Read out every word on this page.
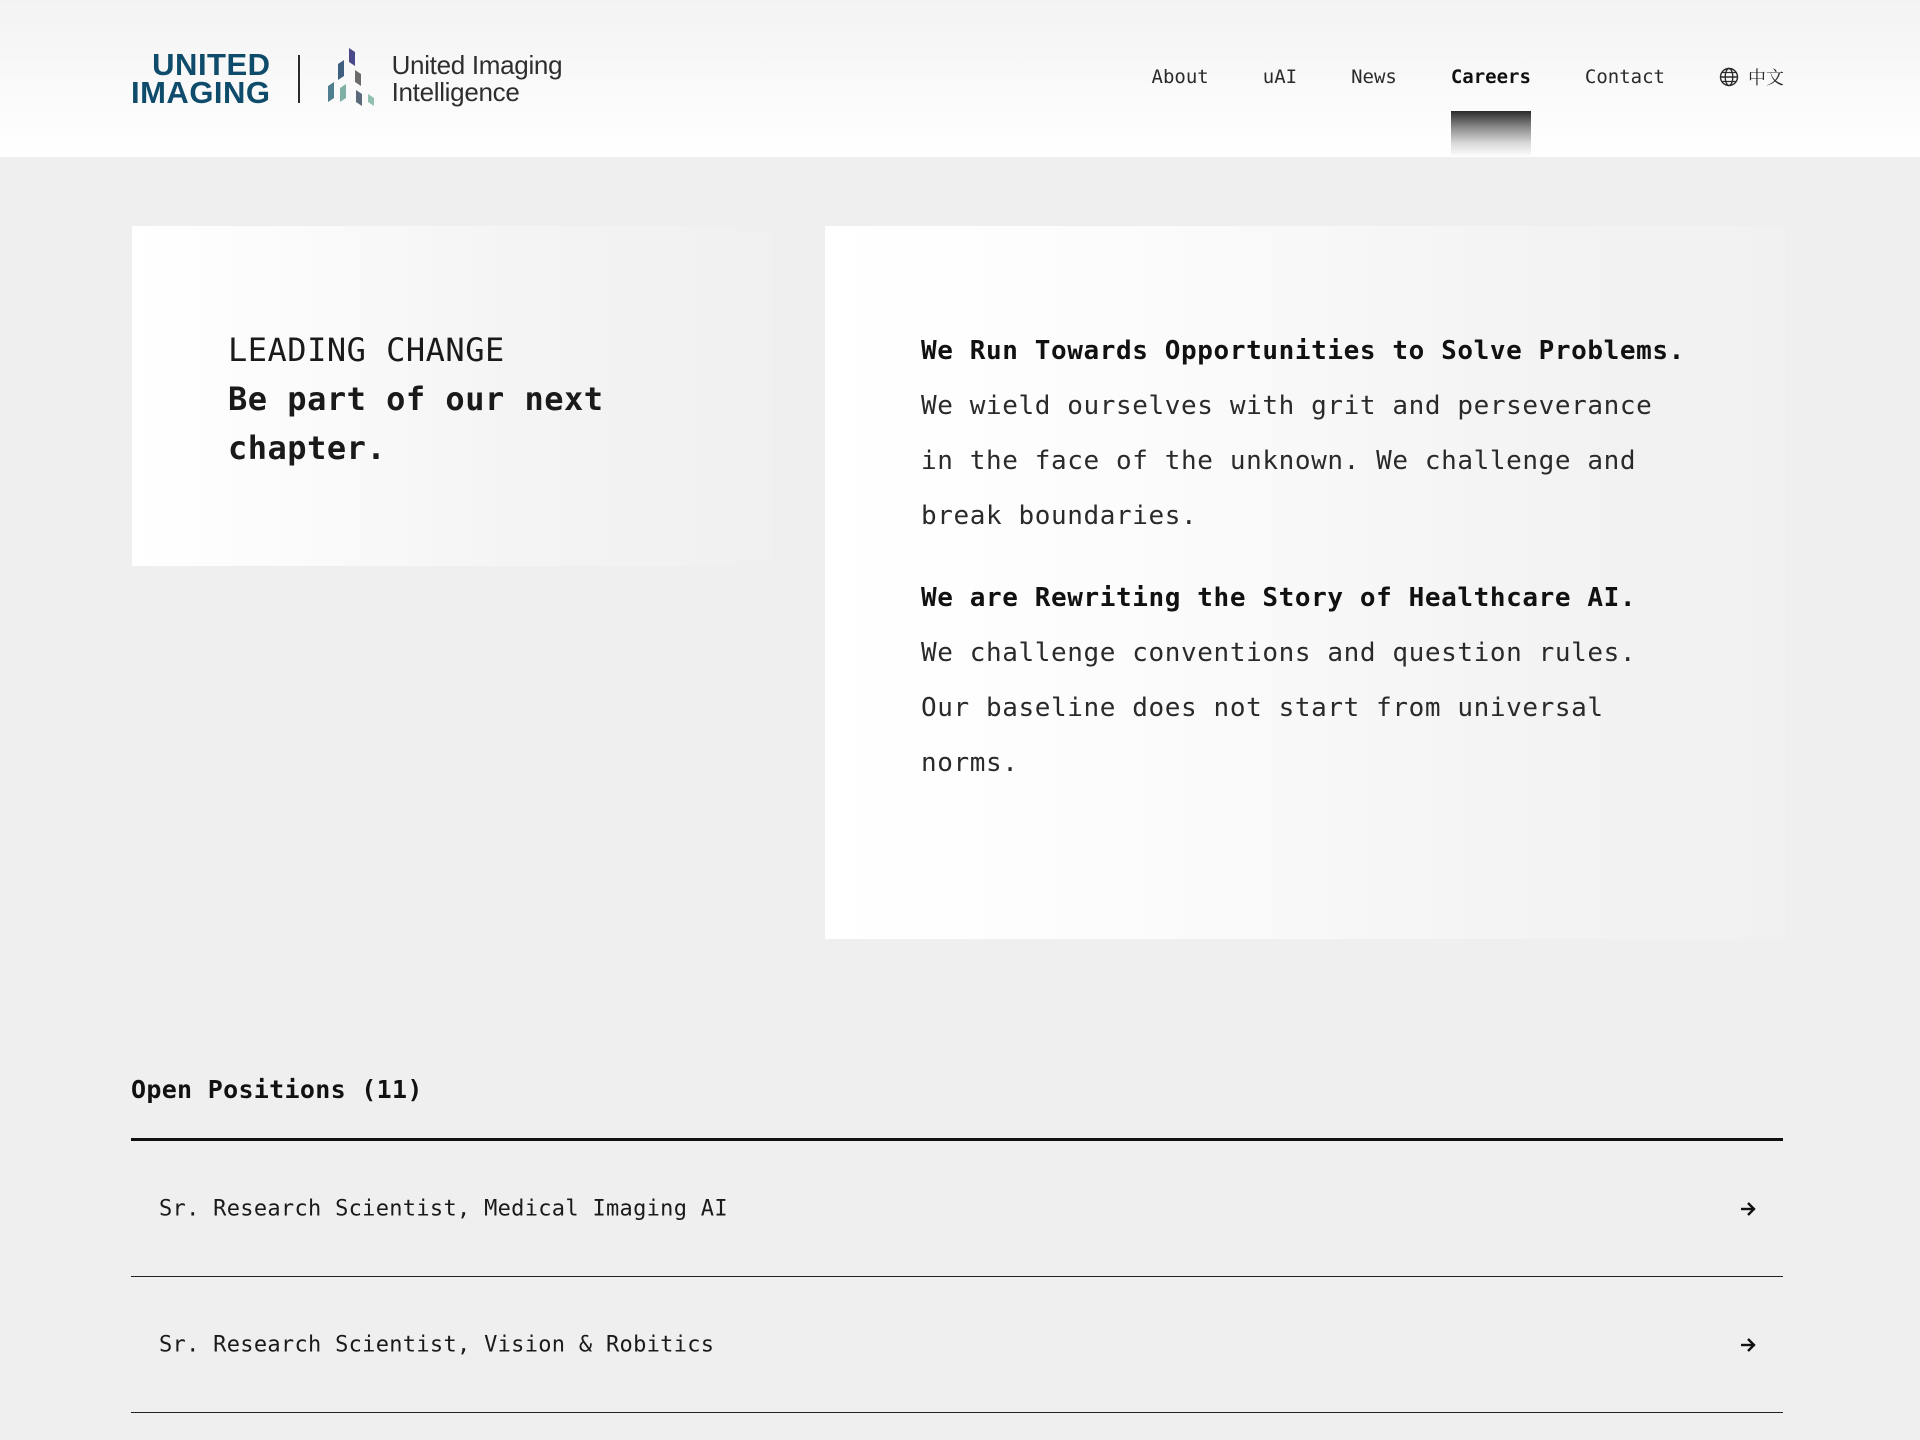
UNITED
IMAGING
United Imaging
Intelligence	About	uAI	News	Careers	Contact	中文
LEADING CHANGE
Be part of our next chapter.
We Run Towards Opportunities to Solve Problems.
We wield ourselves with grit and perseverance in the face of the unknown. We challenge and break boundaries.
We are Rewriting the Story of Healthcare AI.
We challenge conventions and question rules. Our baseline does not start from universal norms.
Open Positions (11)
Sr. Research Scientist, Medical Imaging AI
Sr. Research Scientist, Vision & Robitics
